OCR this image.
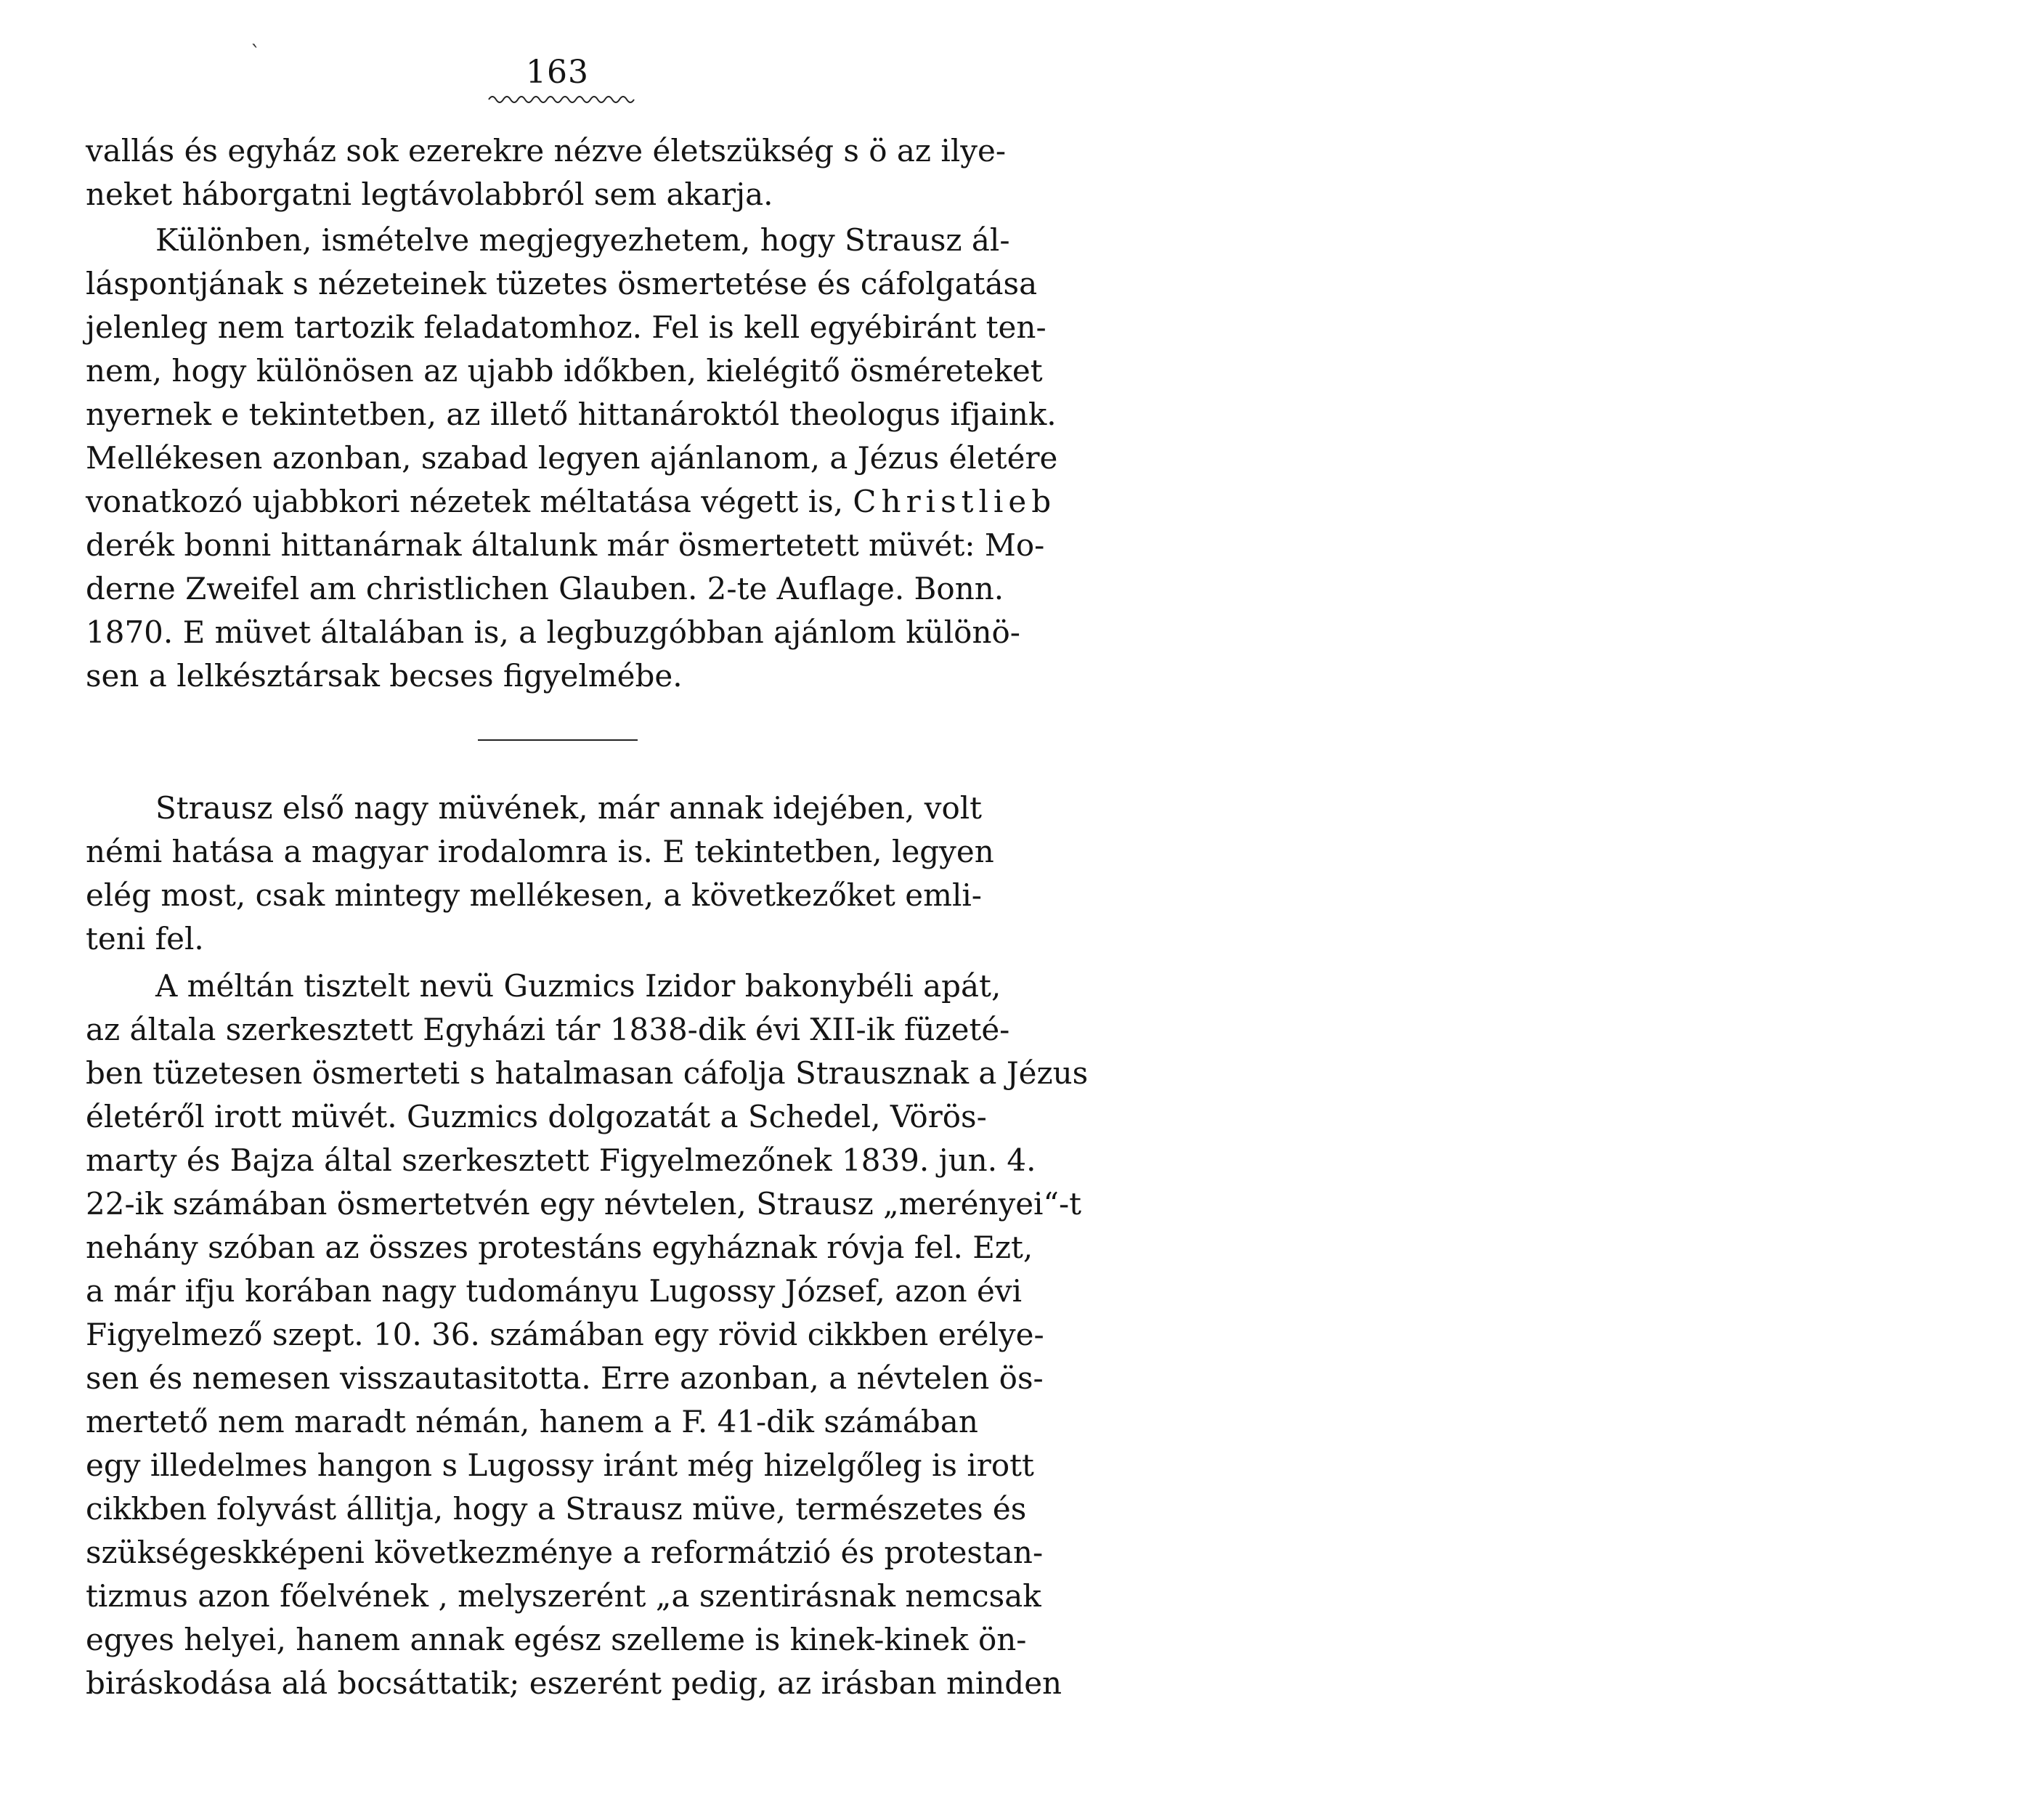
`
163
vallás és egyház sok ezerekre nézve életszükség s ö az ilye-
neket háborgatni legtávolabbról sem akarja.
Különben, ismételve megjegyezhetem, hogy Strausz ál-
láspontjának s nézeteinek tüzetes ösmertetése és cáfolgatása
jelenleg nem tartozik feladatomhoz. Fel is kell egyébiránt ten-
nem, hogy különösen az ujabb időkben, kielégitő ösméreteket
nyernek e tekintetben, az illető hittanároktól theologus ifjaink.
Mellékesen azonban, szabad legyen ajánlanom, a Jézus életére
vonatkozó ujabbkori nézetek méltatása végett is, Christlieb
derék bonni hittanárnak általunk már ösmertetett müvét: Mo-
derne Zweifel am christlichen Glauben. 2-te Auflage. Bonn.
1870. E müvet általában is, a legbuzgóbban ajánlom különö-
sen a lelkésztársak becses figyelmébe.
Strausz első nagy müvének, már annak idejében, volt
némi hatása a magyar irodalomra is. E tekintetben, legyen
elég most, csak mintegy mellékesen, a következőket emli-
teni fel.
A méltán tisztelt nevü Guzmics Izidor bakonybéli apát,
az általa szerkesztett Egyházi tár 1838-dik évi XII-ik füzeté-
ben tüzetesen ösmerteti s hatalmasan cáfolja Strausznak a Jézus
életéről irott müvét. Guzmics dolgozatát a Schedel, Vörös-
marty és Bajza által szerkesztett Figyelmezőnek 1839. jun. 4.
22-ik számában ösmertetvén egy névtelen, Strausz „merényei“-t
nehány szóban az összes protestáns egyháznak róvja fel. Ezt,
a már ifju korában nagy tudományu Lugossy József, azon évi
Figyelmező szept. 10. 36. számában egy rövid cikkben erélye-
sen és nemesen visszautasitotta. Erre azonban, a névtelen ös-
mertető nem maradt némán, hanem a F. 41-dik számában
egy illedelmes hangon s Lugossy iránt még hizelgőleg is irott
cikkben folyvást állitja, hogy a Strausz müve, természetes és
szükségeskképeni következménye a reformátzió és protestan-
tizmus azon főelvének , melyszerént „a szentirásnak nemcsak
egyes helyei, hanem annak egész szelleme is kinek-kinek ön-
biráskodása alá bocsáttatik; eszerént pedig, az irásban minden
